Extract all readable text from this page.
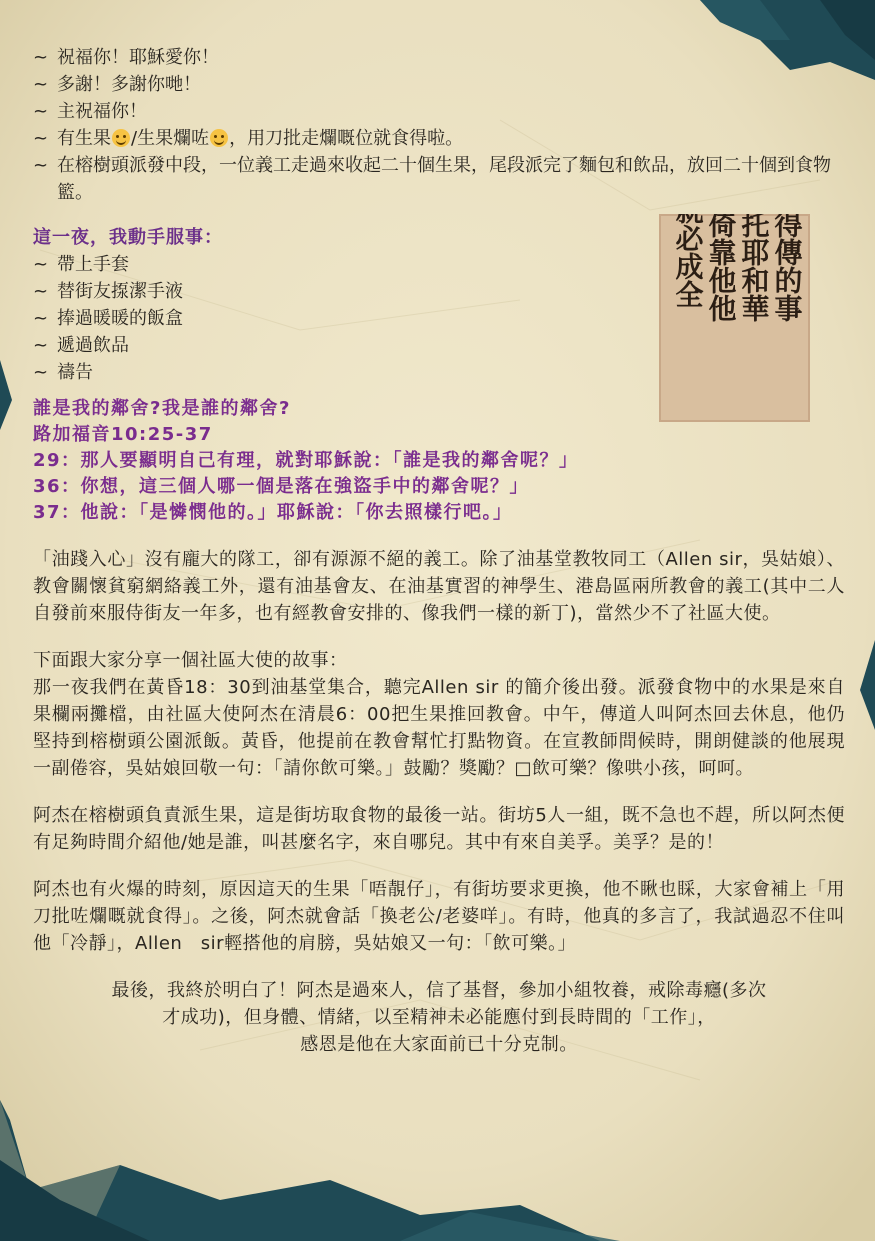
當得傳的事
交托耶和華
並倚靠他他
就必成全
~ 祝福你！耶穌愛你！
~ 多謝！多謝你哋！
~ 主祝福你！
~ 有生果 /生果爛咗 ，用刀批走爛嘅位就食得啦。
~ 在榕樹頭派發中段，一位義工走過來收起二十個生果，尾段派完了麵包和飲品，放回二十個到食物籃。
這一夜，我動手服事：
~ 帶上手套
~ 替街友揼潔手液
~ 捧過暖暖的飯盒
~ 遞過飲品
~ 禱告
誰是我的鄰舍?我是誰的鄰舍?
路加福音10:25-37
29：那人要顯明自己有理，就對耶穌說：「誰是我的鄰舍呢？」
36：你想，這三個人哪一個是落在強盜手中的鄰舍呢？」
37：他說：「是憐憫他的。」耶穌說：「你去照樣行吧。」
「油踐入心」沒有龐大的隊工，卻有源源不絕的義工。除了油基堂教牧同工（Allen sir，吳姑娘）、教會關懷貧窮網絡義工外，還有油基會友、在油基實習的神學生、港島區兩所教會的義工(其中二人自發前來服侍街友一年多，也有經教會安排的、像我們一樣的新丁)，當然少不了社區大使。
下面跟大家分享一個社區大使的故事：
那一夜我們在黃昏18：30到油基堂集合，聽完Allen sir 的簡介後出發。派發食物中的水果是來自果欄兩攤檔，由社區大使阿杰在清晨6：00把生果推回教會。中午，傳道人叫阿杰回去休息，他仍堅持到榕樹頭公園派飯。黃昏，他提前在教會幫忙打點物資。在宣教師問候時，開朗健談的他展現一副倦容，吳姑娘回敬一句：「請你飲可樂。」鼓勵？獎勵？□飲可樂？像哄小孩，呵呵。
阿杰在榕樹頭負責派生果，這是街坊取食物的最後一站。街坊5人一組，既不急也不趕，所以阿杰便有足夠時間介紹他/她是誰，叫甚麼名字，來自哪兒。其中有來自美孚。美孚？是的！
阿杰也有火爆的時刻，原因這天的生果「唔靚仔」，有街坊要求更換，他不瞅也睬，大家會補上「用刀批咗爛嘅就食得」。之後，阿杰就會話「換老公/老婆咩」。有時，他真的多言了，我試過忍不住叫他「冷靜」，Allen　sir輕搭他的肩膀，吳姑娘又一句：「飲可樂。」
最後，我終於明白了！阿杰是過來人，信了基督，參加小組牧養，戒除毒癮(多次
才成功)，但身體、情緒，以至精神未必能應付到長時間的「工作」，
感恩是他在大家面前已十分克制。
